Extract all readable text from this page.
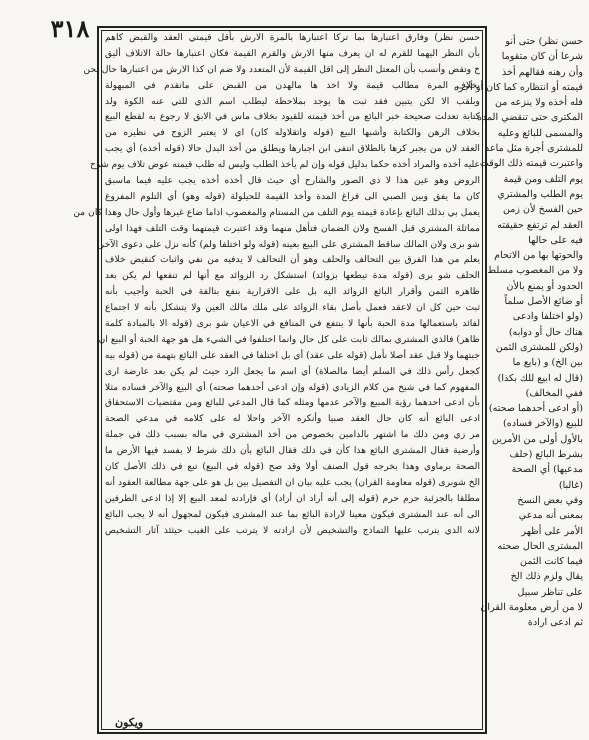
٣١٨	حسن نظر) وفارق اعتبارها بما تركا اعتبارها بالمرة الارش بأقل قيمتي العقد والقبض كاهم
بأن النظر اليهما للقرم له ان يعرف منها الارش والقرم القيمة فكان اعتبارها حالة الاتلاف أليق
خ وتقض وأنسب بأن المعتل النظر إلى اقل القيمة لأن المتعدد ولا ضم ان كذا الارش من اعتبارها حال نحن
بخلاف المرة مطالب قيمة ولا اخذ ها مالهدن من القبض على ماتقدم في المبهولة
وبلقب الا لكن يتبين فقد ثبت ها يوجد بملاحظة ليطلب اسم الذي للتي عنه الكوة ولد
كتابة تعدلت صحيحة خبر البائع من أخذ قيمته للقيود بخلاف ماس في الابق لا رجوع به لقطع البيع
بخلاف الرهن والكتابة وأشبها البيع (قوله واتقلاوله كان) اي لا يعتبر الزوج في نظيره من
العقد لان من يجبر كرها بالطلاق انتفى ابن اجبارها ويطلق من أخذ البدل حالا (قوله أخذه) أي يجب
عليه أخذه والمراد أخذه حكما بدليل قوله وإن لم يأخذ الطلب وليس له طلب قيمته عوض تلاف يوم شرح
الروض وهو عين هذا لا ذي الصور والشارح أي حيث قال أخذه أخذه يجب عليه فيما ماسبق
كان ما يفق وبين الصبي الى فراغ المدة وأخذ القيمة للحيلولة (قوله وهو) أي التلوم المفروغ
يعمل بي بذلك البائع بإعادة قيمته يوم التلف من المستام والمغصوب اذاما ضاع غيرها وأول حال وهذا كان من
مماثلة المشتري قبل الفسخ ولان الضمان فتأهل منهما وقد اعتبرت قيمتهما وقت التلف فهذا اولى
شو برى ولان المالك ساقط المشتري على البيع بعينه (قوله ولو اختلفا ولم) كأنه نزل على دعوى الآخر
يعلم من هذا الفرق بين التحالف والحلف وهو أن التحالف لا يدفيه من نفي واثبات كنقيض خلاف
الحلف شو برى (قوله مدة تيطعها بزوائد) استشكل رد الزوائد مع أنها لم تنفعها لم يكن بعد
ظاهره الثمن وأقرار البائع الزوائد اليه بل على الاقرارية بنفع بتالفة في الحبة وأجيب بأنه
ثبت حين كل ان لاعقد فعمل بأصل بقاء الزوائد على ملك مالك العين ولا يتشكل بأنه لا اجتماع
لفائد باستعمالها مدة الحبة بأنها لا ينتفع في المنافع في الاعيان شو برى (قوله الا بالمبادة كلمة
ظاهر) فالذي المشتري بمالك ثابت على كل حال وانما اختلفوا في الشيء هل هو جهة الحبة أو البيع ان
جبتهما ولا قبل عقد أصلا نأمل (قوله على عقد) أي بل اختلفا في العقد على البائع بتهمة من (قوله بيه
كجعل رأس ذلك في السلم أيضا مالصلاة) أي اسم ما يجعل الرد حيث لم يكن بعد عارضة ارى
المفهوم كما في شيخ من كلام الزيادي (قوله وإن ادعى أحدهما صحته) أي البيع والآخر فساده مثلا
بأن ادعى احدهما رؤية المبيع والآخر عدمها ومثله كما قال المدعي للبائع ومن مقتضيات الاستحقاق
ادعى البائع أنه كان حال العقد صبيا وأنكره الآخر واحلا له على كلامه في مدعي الصحة
مر زي ومن ذلك ما اشتهر بالدامين بخصوص من أخذ المشتري في ماله بسبب ذلك في جملة
وأرضية فقال المشتري البائع هذا كأن في ذلك فقال البائع بأن ذلك شرط لا يفسد فيها الأرض ما
الصحة برماوي وهذا يخرجه قول الصنف أولا وقد صح (قوله في البيع) تبع في ذلك الأصل كان
الخ شوبرى (قوله معاومة القران) يجب عليه بيان ان التفصيل بين بل هو على جهة مطالعة العقود أنه
مطلقا بالجزئية حرم حرم (قوله إلى أنه أراد ان أراد) أي فإرادته لمعد البيع إلا إذا ادعى الطرفين
الى أنه عند المشترى فيكون معينا لارادة البائع بما عند المشترى فيكون لمجهول أنه لا يجب البائع
لانه الذي يترتب عليها التماذج والتشخيص لأن ارادته لا يترتب على الغيب حيثئذ آثار التشخيص
حسن نظر) حتى أنو
شرعا أن كان متقوما
وأن رهنه فقالهم أخذ
قيمته أو انتظاره كما كان أو أجره
فله أخذه ولا ينزعه من
المكترى حتى تنقضي المدة
والمسمى للبائع وعليه
للمشترى أجرة مثل ماعد
واعتبرت قيمته ذلك الوقت
يوم التلف ومن قيمة
يوم الطلب والمشتري
حين الفسخ لأن زمن
العقد لم ترتفع حقيقته
فيه على حالها
والحوتها بها من الاتحام
ولا من المغصوب مسلط
الحدود أو يمنع بالأن
أو ضائع الأصل سلماً
(ولو اختلفا وادعى
هناك حال أو دوابه)
(ولكن للمشترى الثمن
بين الخ) و (بايع ما
(قال له ابيع للك بكذا)
ففي المخالف)
(أو ادعى أحدهما صحته)
للبيع (والآخر فساده)
بالأول أولى من الأمرين
بشرط البائع (حلف
مدعيها) أي الصحة
(غالبا)
وفي بعض النسخ
بمعنى أنه مدعي
الأمر على أظهر
المشترى الحال صحته
فيما كانت الثمن
يقال ولزم ذلك الخ
على تناظر سبيل
لا من أرض معلومة القران
ثم ادعى ارادة
ويكون
